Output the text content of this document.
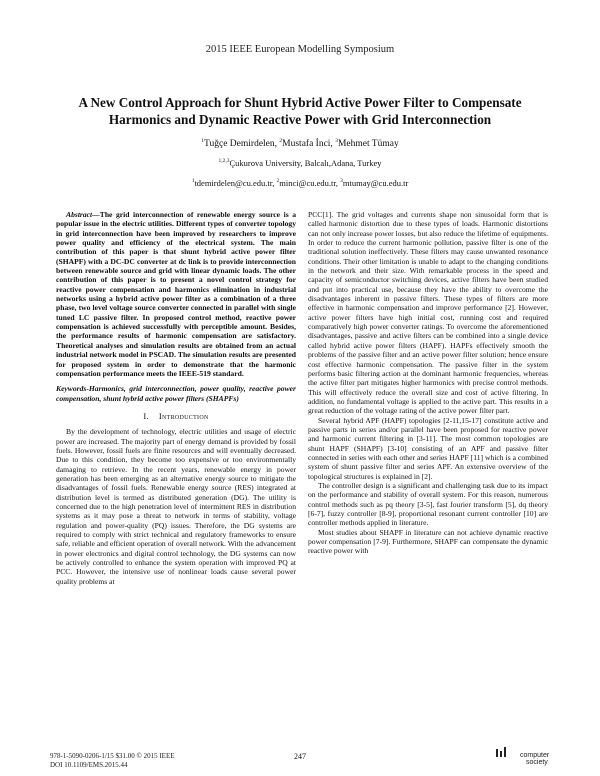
2015 IEEE European Modelling Symposium
A New Control Approach for Shunt Hybrid Active Power Filter to Compensate Harmonics and Dynamic Reactive Power with Grid Interconnection
$^1$Tuğçe Demirdelen, $^2$Mustafa İnci, $^3$Mehmet Tümay
$^{1,2,3}$Çukurova University, Balcalı,Adana, Turkey
$^1$tdemirdelen@cu.edu.tr, $^2$minci@cu.edu.tr, $^3$mtumay@cu.edu.tr

Abstract—The grid interconnection of renewable energy source is a popular issue in the electric utilities. Different types of converter topology in grid interconnection have been improved by researchers to improve power quality and efficiency of the electrical system. The main contribution of this paper is that shunt hybrid active power filter (SHAPF) with a DC-DC converter at dc link is to provide interconnection between renewable source and grid with linear dynamic loads. The other contribution of this paper is to present a novel control strategy for reactive power compensation and harmonics elimination in industrial networks using a hybrid active power filter as a combination of a three phase, two level voltage source converter connected in parallel with single tuned LC passive filter. In proposed control method, reactive power compensation is achieved successfully with perceptible amount. Besides, the performance results of harmonic compensation are satisfactory. Theoretical analyses and simulation results are obtained from an actual industrial network model in PSCAD. The simulation results are presented for proposed system in order to demonstrate that the harmonic compensation performance meets the IEEE-519 standard.

Keywords-Harmonics, grid interconnection, power quality, reactive power compensation, shunt hybrid active power filters (SHAPFs)

I. Introduction

By the development of technology, electric utilities and usage of electric power are increased. The majority part of energy demand is provided by fossil fuels. However, fossil fuels are finite resources and will eventually decreased. Due to this condition, they become too expensive or too environmentally damaging to retrieve. In the recent years, renewable energy in power generation has been emerging as an alternative energy source to mitigate the disadvantages of fossil fuels. Renewable energy source (RES) integrated at distribution level is termed as distributed generation (DG). The utility is concerned due to the high penetration level of intermittent RES in distribution systems as it may pose a threat to network in terms of stability, voltage regulation and power-quality (PQ) issues. Therefore, the DG systems are required to comply with strict technical and regulatory frameworks to ensure safe, reliable and efficient operation of overall network. With the advancement in power electronics and digital control technology, the DG systems can now be actively controlled to enhance the system operation with improved PQ at PCC. However, the intensive use of nonlinear loads cause several power quality problems at

PCC[1]. The grid voltages and currents shape non sinusoidal form that is called harmonic distortion due to these types of loads. Harmonic distortions can not only increase power losses, but also reduce the lifetime of equipments. In order to reduce the current harmonic pollution, passive filter is one of the traditional solution ineffectively. These filters may cause unwanted resonance conditions. Their other limitation is unable to adapt to the changing conditions in the network and their size. With remarkable process in the speed and capacity of semiconductor switching devices, active filters have been studied and put into practical use, because they have the ability to overcome the disadvantages inherent in passive filters. These types of filters are more effective in harmonic compensation and improve performance [2]. However, active power filters have high initial cost, running cost and required comparatively high power converter ratings. To overcome the aforementioned disadvantages, passive and active filters can be combined into a single device called hybrid active power filters (HAPF). HAPFs effectively smooth the problems of the passive filter and an active power filter solution; hence ensure cost effective harmonic compensation. The passive filter in the system performs basic filtering action at the dominant harmonic frequencies, whereas the active filter part mitigates higher harmonics with precise control methods. This will effectively reduce the overall size and cost of active filtering. In addition, no fundamental voltage is applied to the active part. This results in a great reduction of the voltage rating of the active power filter part.

Several hybrid APF (HAPF) topologies [2-11,15-17] constitute active and passive parts in series and/or parallel have been proposed for reactive power and harmonic current filtering in [3-11]. The most common topologies are shunt HAPF (SHAPF) [3-10] consisting of an APF and passive filter connected in series with each other and series HAPF [11] which is a combined system of shunt passive filter and series APF. An extensive overview of the topological structures is explained in [2].

The controller design is a significant and challenging task due to its impact on the performance and stability of overall system. For this reason, numerous control methods such as pq theory [3-5], fast fourier transform [5], dq theory [6-7], fuzzy controller [8-9], proportional resonant current controller [10] are controller methods applied in literature.

Most studies about SHAPF in literature can not achieve dynamic reactive power compensation [7-9]. Furthermore, SHAPF can compensate the dynamic reactive power with

978-1-5090-0206-1/15 $31.00 © 2015 IEEE
DOI 10.1109/EMS.2015.44
247	computer
society
